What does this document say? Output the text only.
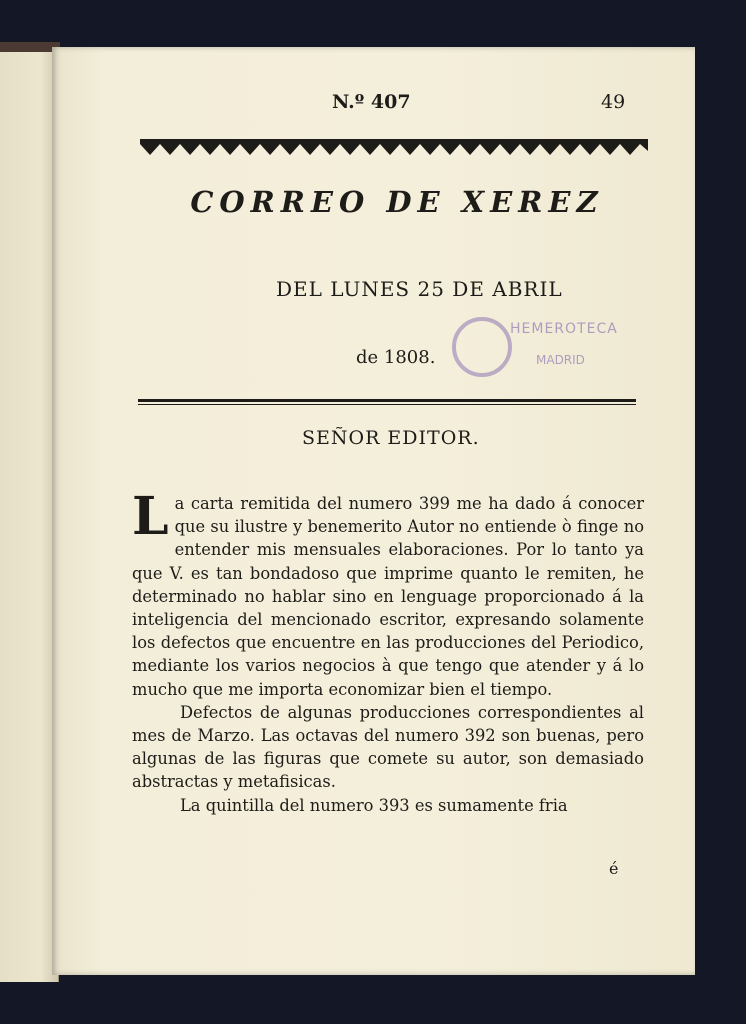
N.º 407	49
CORREO DE XEREZ
DEL LUNES 25 DE ABRIL
HEMEROTECA
MADRID
de 1808.
SEÑOR EDITOR.

La carta remitida del numero 399 me ha dado á conocer que su ilustre y benemerito Autor no entiende ò finge no entender mis mensuales elaboraciones. Por lo tanto ya que V. es tan bondadoso que imprime quanto le remiten, he determinado no hablar sino en lenguage proporcionado á la inteligencia del mencionado escritor, expresando solamente los defectos que encuentre en las producciones del Periodico, mediante los varios negocios à que tengo que atender y á lo mucho que me importa economizar bien el tiempo.

Defectos de algunas producciones correspondientes al mes de Marzo. Las octavas del numero 392 son buenas, pero algunas de las figuras que comete su autor, son demasiado abstractas y metafisicas.

La quintilla del numero 393 es sumamente fria

é
